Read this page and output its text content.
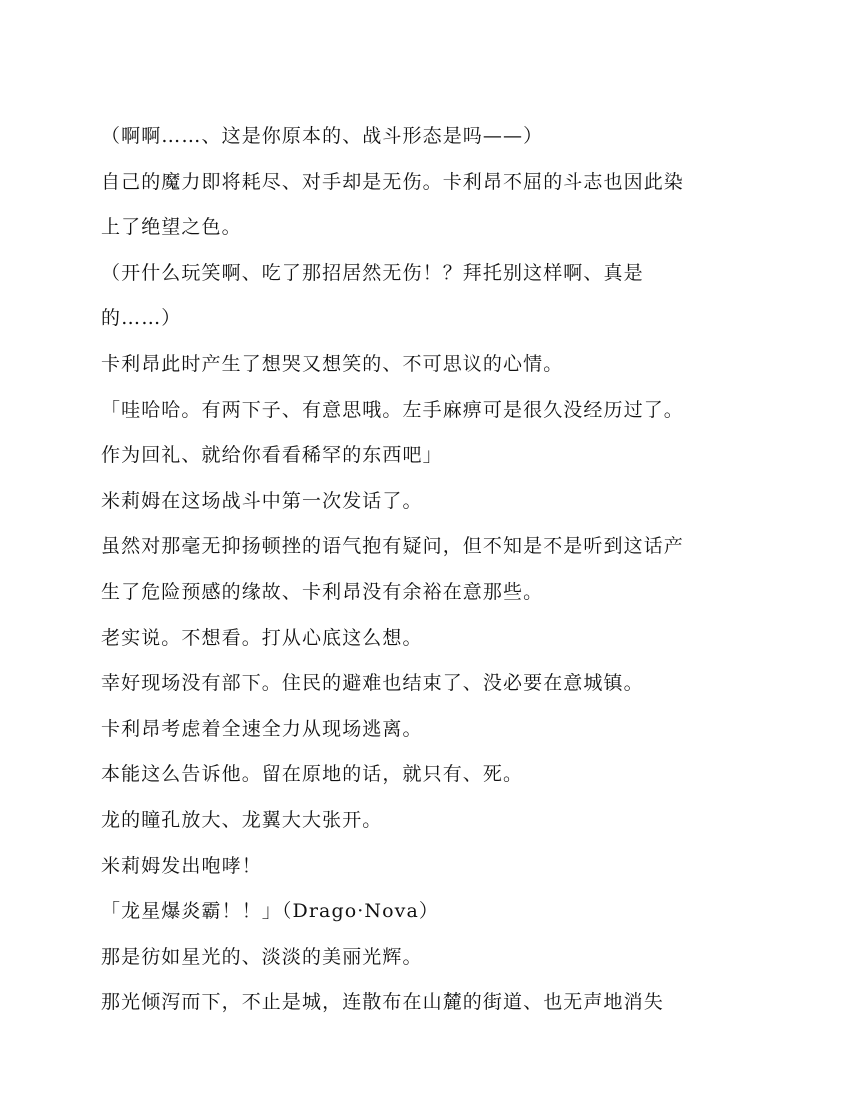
（啊啊……、这是你原本的、战斗形态是吗——）
自己的魔力即将耗尽、对手却是无伤。卡利昂不屈的斗志也因此染
上了绝望之色。
（开什么玩笑啊、吃了那招居然无伤！？拜托别这样啊、真是
的……）
卡利昂此时产生了想哭又想笑的、不可思议的心情。
「哇哈哈。有两下子、有意思哦。左手麻痹可是很久没经历过了。
作为回礼、就给你看看稀罕的东西吧」
米莉姆在这场战斗中第一次发话了。
虽然对那毫无抑扬顿挫的语气抱有疑问，但不知是不是听到这话产
生了危险预感的缘故、卡利昂没有余裕在意那些。
老实说。不想看。打从心底这么想。
幸好现场没有部下。住民的避难也结束了、没必要在意城镇。
卡利昂考虑着全速全力从现场逃离。
本能这么告诉他。留在原地的话，就只有、死。
龙的瞳孔放大、龙翼大大张开。
米莉姆发出咆哮！
「龙星爆炎霸！！」（Drago·Nova）
那是彷如星光的、淡淡的美丽光辉。
那光倾泻而下，不止是城，连散布在山麓的街道、也无声地消失
